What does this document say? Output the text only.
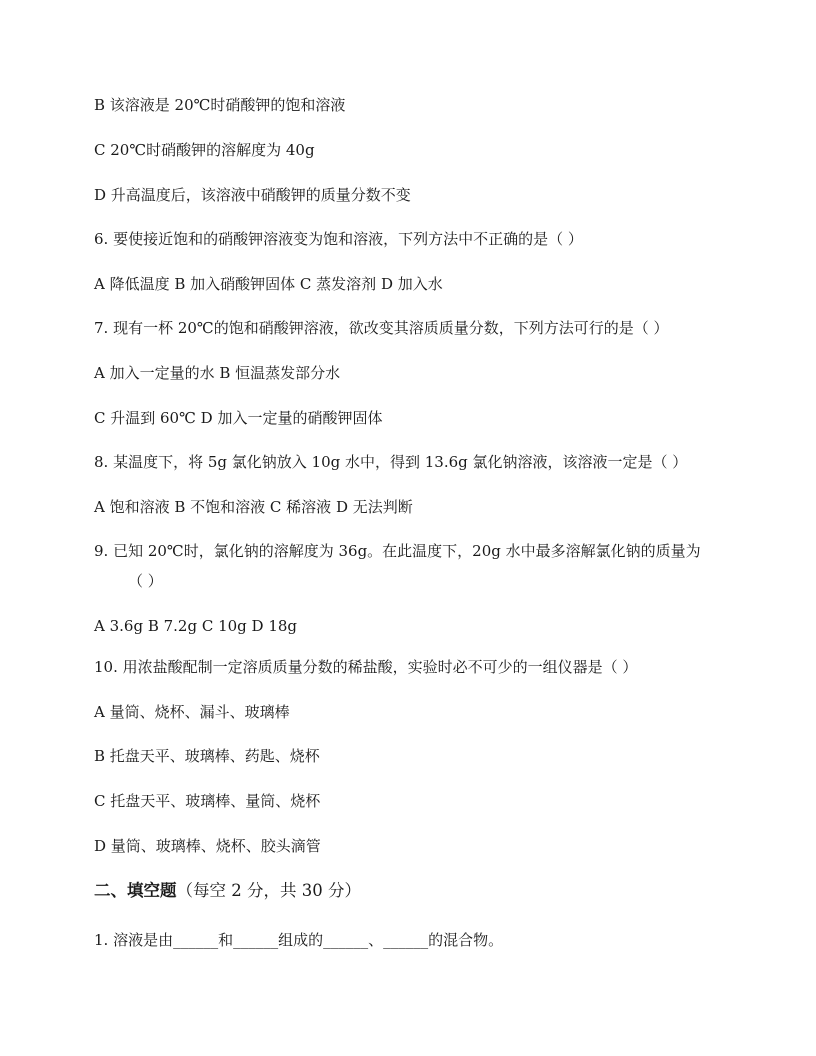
B 该溶液是 20℃时硝酸钾的饱和溶液
C 20℃时硝酸钾的溶解度为 40g
D 升高温度后，该溶液中硝酸钾的质量分数不变
6. 要使接近饱和的硝酸钾溶液变为饱和溶液，下列方法中不正确的是（ ）
A 降低温度 B 加入硝酸钾固体 C 蒸发溶剂 D 加入水
7. 现有一杯 20℃的饱和硝酸钾溶液，欲改变其溶质质量分数，下列方法可行的是（ ）
A 加入一定量的水 B 恒温蒸发部分水
C 升温到 60℃ D 加入一定量的硝酸钾固体
8. 某温度下，将 5g 氯化钠放入 10g 水中，得到 13.6g 氯化钠溶液，该溶液一定是（ ）
A 饱和溶液 B 不饱和溶液 C 稀溶液 D 无法判断
9. 已知 20℃时，氯化钠的溶解度为 36g。在此温度下，20g 水中最多溶解氯化钠的质量为
（ ）
A 3.6g B 7.2g C 10g D 18g
10. 用浓盐酸配制一定溶质质量分数的稀盐酸，实验时必不可少的一组仪器是（ ）
A 量筒、烧杯、漏斗、玻璃棒
B 托盘天平、玻璃棒、药匙、烧杯
C 托盘天平、玻璃棒、量筒、烧杯
D 量筒、玻璃棒、烧杯、胶头滴管
二、填空题（每空 2 分，共 30 分）
1. 溶液是由______和______组成的______、______的混合物。
